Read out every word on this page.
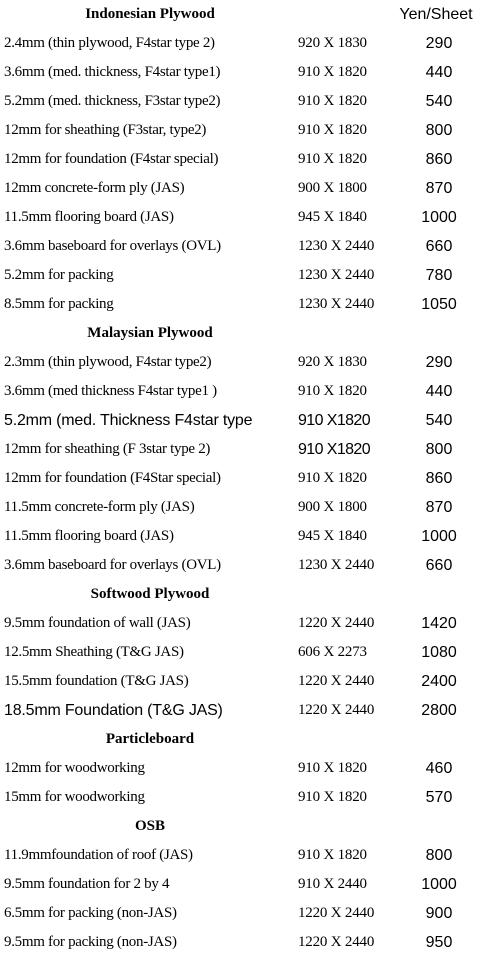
Indonesian Plywood	Yen/Sheet
2.4mm (thin plywood, F4star type 2)	920 X 1830	290
3.6mm (med. thickness, F4star type1)	910 X 1820	440
5.2mm (med. thickness, F3star type2)	910 X 1820	540
12mm for sheathing (F3star, type2)	910 X 1820	800
12mm for foundation (F4star special)	910 X 1820	860
12mm concrete-form ply (JAS)	900 X 1800	870
11.5mm flooring board (JAS)	945 X 1840	1000
3.6mm baseboard for overlays (OVL)	1230 X 2440	660
5.2mm for packing	1230 X 2440	780
8.5mm for packing	1230 X 2440	1050
Malaysian Plywood
2.3mm (thin plywood, F4star type2)	920 X 1830	290
3.6mm (med thickness F4star type1 )	910 X 1820	440
5.2mm (med. Thickness F4star type	910 X1820	540
12mm for sheathing (F 3star type 2)	910 X1820	800
12mm for foundation (F4Star special)	910 X 1820	860
11.5mm concrete-form ply (JAS)	900 X 1800	870
11.5mm flooring board (JAS)	945 X 1840	1000
3.6mm baseboard for overlays (OVL)	1230 X 2440	660
Softwood Plywood
9.5mm foundation of wall (JAS)	1220 X 2440	1420
12.5mm Sheathing (T&G JAS)	606 X 2273	1080
15.5mm foundation (T&G JAS)	1220 X 2440	2400
18.5mm Foundation (T&G JAS)	1220 X 2440	2800
Particleboard
12mm for woodworking	910 X 1820	460
15mm for woodworking	910 X 1820	570
OSB
11.9mmfoundation of roof (JAS)	910 X 1820	800
9.5mm foundation for 2 by 4	910 X 2440	1000
6.5mm for packing (non-JAS)	1220 X 2440	900
9.5mm for packing (non-JAS)	1220 X 2440	950
